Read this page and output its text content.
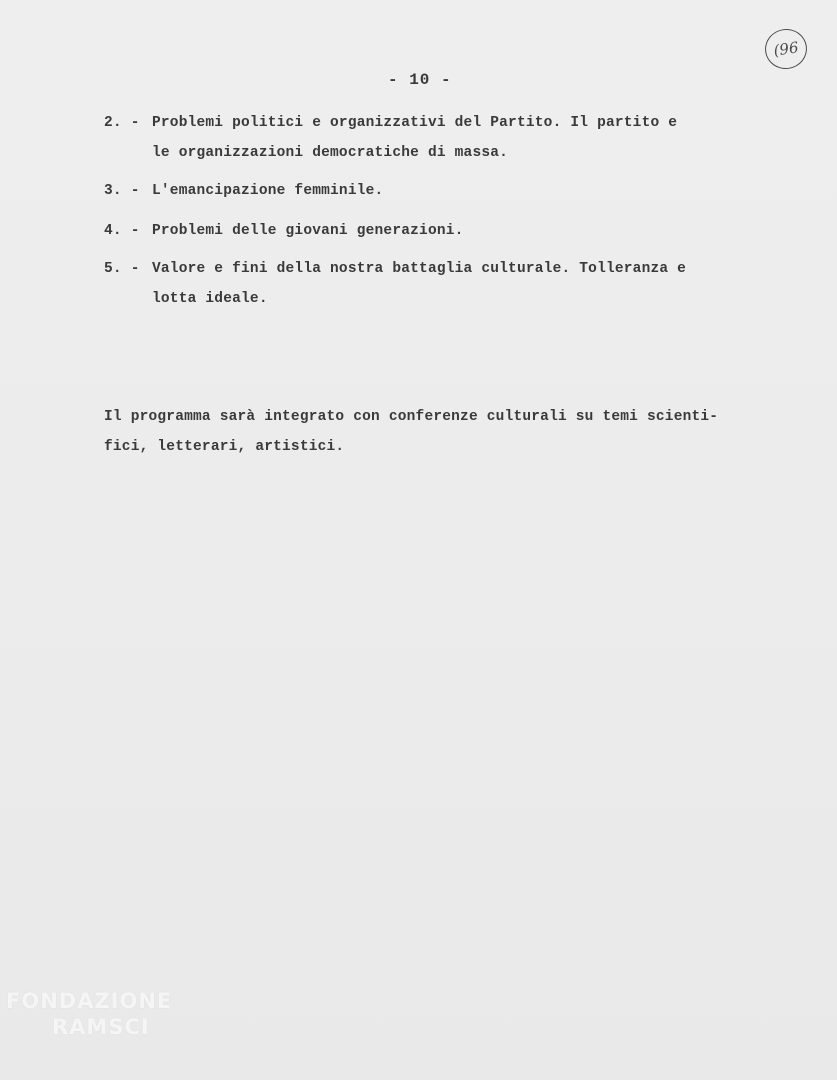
(96
- 10 -
2. - Problemi politici e organizzativi del Partito. Il partito e
le organizzazioni democratiche di massa.
3. - L'emancipazione femminile.
4. - Problemi delle giovani generazioni.
5. - Valore e fini della nostra battaglia culturale. Tolleranza e
lotta ideale.
Il programma sarà integrato con conferenze culturali su temi scienti-
fici, letterari, artistici.
FONDAZIONE
RAMSCI
